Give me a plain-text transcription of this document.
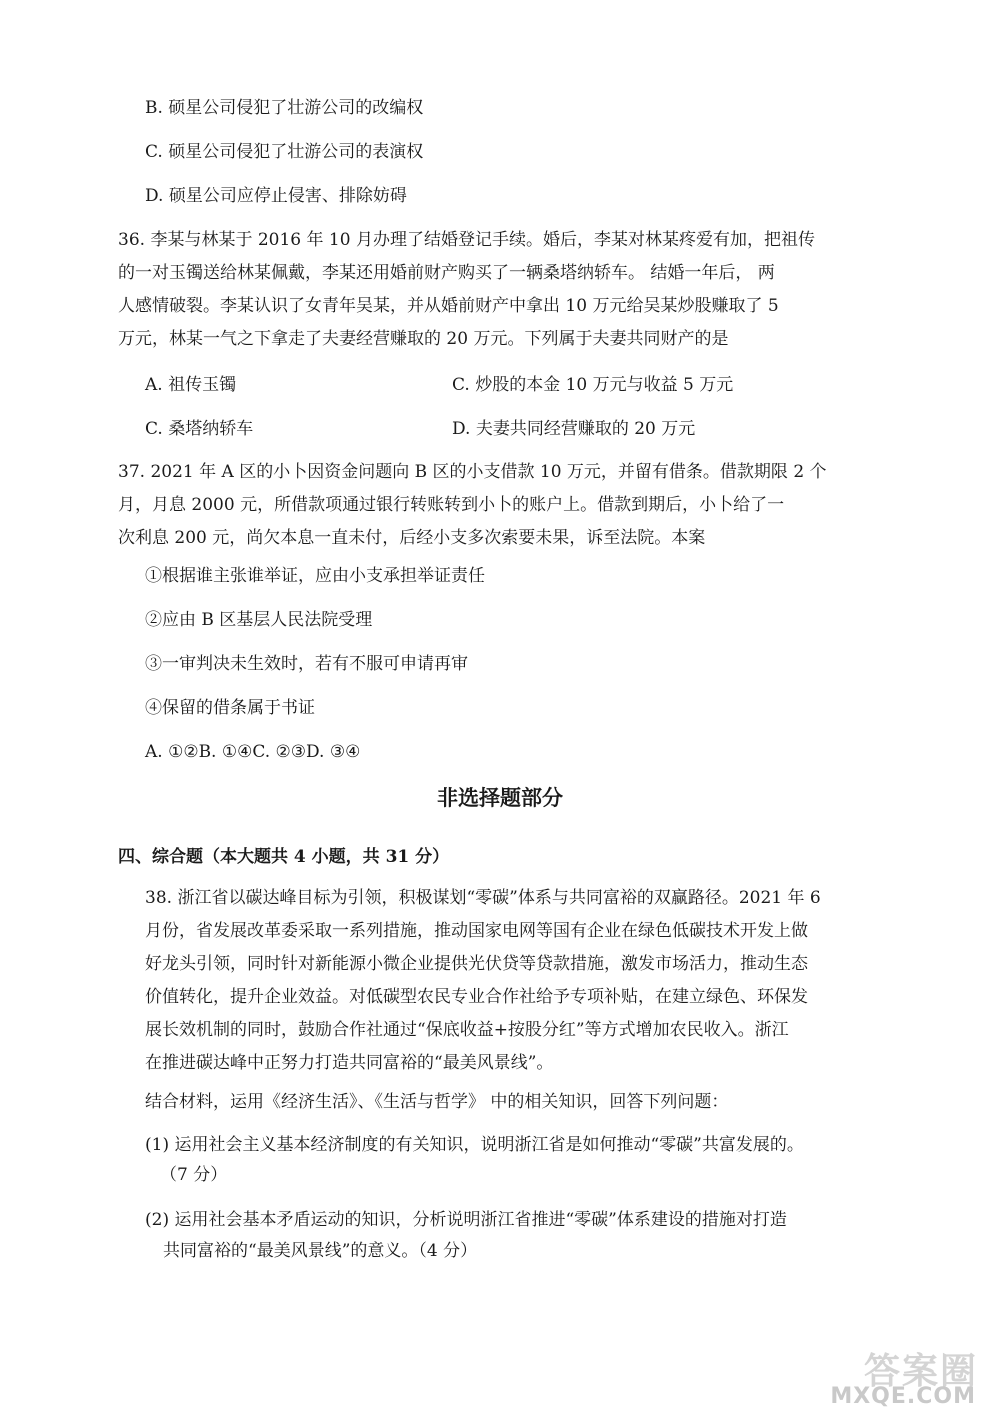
B. 硕星公司侵犯了壮游公司的改编权
C. 硕星公司侵犯了壮游公司的表演权
D. 硕星公司应停止侵害、排除妨碍
36. 李某与林某于 2016 年 10 月办理了结婚登记手续。婚后，李某对林某疼爱有加，把祖传
的一对玉镯送给林某佩戴，李某还用婚前财产购买了一辆桑塔纳轿车。 结婚一年后， 两
人感情破裂。李某认识了女青年吴某，并从婚前财产中拿出 10 万元给吴某炒股赚取了 5
万元，林某一气之下拿走了夫妻经营赚取的 20 万元。下列属于夫妻共同财产的是
A. 祖传玉镯	C. 炒股的本金 10 万元与收益 5 万元
C. 桑塔纳轿车	D. 夫妻共同经营赚取的 20 万元
37. 2021 年 A 区的小卜因资金问题向 B 区的小支借款 10 万元，并留有借条。借款期限 2 个
月，月息 2000 元，所借款项通过银行转账转到小卜的账户上。借款到期后，小卜给了一
次利息 200 元，尚欠本息一直未付，后经小支多次索要未果，诉至法院。本案
①根据谁主张谁举证，应由小支承担举证责任
②应由 B 区基层人民法院受理
③一审判决未生效时，若有不服可申请再审
④保留的借条属于书证
A. ①②B. ①④C. ②③D. ③④
非选择题部分
四、综合题（本大题共 4 小题，共 31 分）
38. 浙江省以碳达峰目标为引领，积极谋划“零碳”体系与共同富裕的双赢路径。2021 年 6
月份，省发展改革委采取一系列措施，推动国家电网等国有企业在绿色低碳技术开发上做
好龙头引领，同时针对新能源小微企业提供光伏贷等贷款措施，激发市场活力，推动生态
价值转化，提升企业效益。对低碳型农民专业合作社给予专项补贴，在建立绿色、环保发
展长效机制的同时，鼓励合作社通过“保底收益+按股分红”等方式增加农民收入。浙江
在推进碳达峰中正努力打造共同富裕的“最美风景线”。
结合材料，运用《经济生活》、《生活与哲学》 中的相关知识，回答下列问题：
(1) 运用社会主义基本经济制度的有关知识，说明浙江省是如何推动“零碳”共富发展的。
（7 分）
(2) 运用社会基本矛盾运动的知识，分析说明浙江省推进“零碳”体系建设的措施对打造
共同富裕的“最美风景线”的意义。（4 分）
答案圈
MXQE.COM
